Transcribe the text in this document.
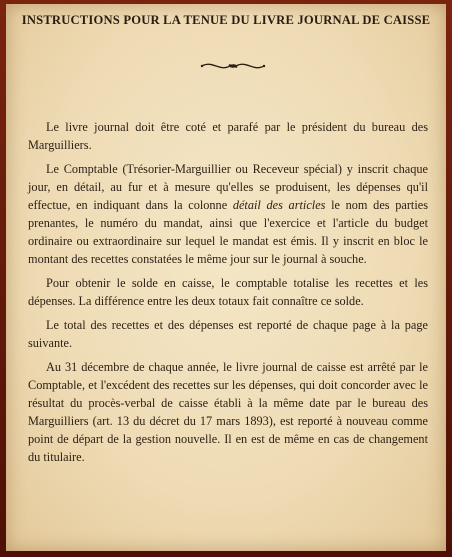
INSTRUCTIONS POUR LA TENUE DU LIVRE JOURNAL DE CAISSE

Le livre journal doit être coté et parafé par le président du bureau des Marguilliers.

Le Comptable (Trésorier-Marguillier ou Receveur spécial) y inscrit chaque jour, en détail, au fur et à mesure qu'elles se produisent, les dépenses qu'il effectue, en indiquant dans la colonne détail des articles le nom des parties prenantes, le numéro du mandat, ainsi que l'exercice et l'article du budget ordinaire ou extraordinaire sur lequel le mandat est émis. Il y inscrit en bloc le montant des recettes constatées le même jour sur le journal à souche.

Pour obtenir le solde en caisse, le comptable totalise les recettes et les dépenses. La différence entre les deux totaux fait connaître ce solde.

Le total des recettes et des dépenses est reporté de chaque page à la page suivante.

Au 31 décembre de chaque année, le livre journal de caisse est arrêté par le Comptable, et l'excédent des recettes sur les dépenses, qui doit concorder avec le résultat du procès-verbal de caisse établi à la même date par le bureau des Marguilliers (art. 13 du décret du 17 mars 1893), est reporté à nouveau comme point de départ de la gestion nouvelle. Il en est de même en cas de changement du titulaire.
